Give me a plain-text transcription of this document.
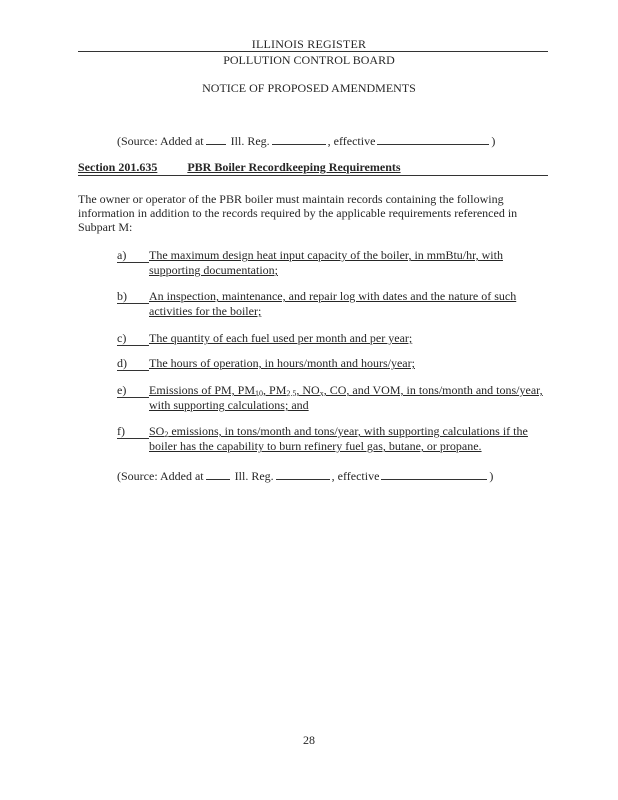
ILLINOIS REGISTER
POLLUTION CONTROL BOARD
NOTICE OF PROPOSED AMENDMENTS
(Source: Added at Ill. Reg.	, effective	)
Section 201.635	PBR Boiler Recordkeeping Requirements
The owner or operator of the PBR boiler must maintain records containing the following
information in addition to the records required by the applicable requirements referenced in
Subpart M:
a)	The maximum design heat input capacity of the boiler, in mmBtu/hr, with
supporting documentation;
b)	An inspection, maintenance, and repair log with dates and the nature of such
activities for the boiler;
c)	The quantity of each fuel used per month and per year;
d)	The hours of operation, in hours/month and hours/year;
e)	Emissions of PM, $PM_{10}$, $PM_{2.5}$, $NO_x$, CO, and VOM, in tons/month and tons/year,
with supporting calculations; and
f)	$SO_2$ emissions, in tons/month and tons/year, with supporting calculations if the
boiler has the capability to burn refinery fuel gas, butane, or propane.
(Source: Added at	Ill. Reg.	, effective	)
28
